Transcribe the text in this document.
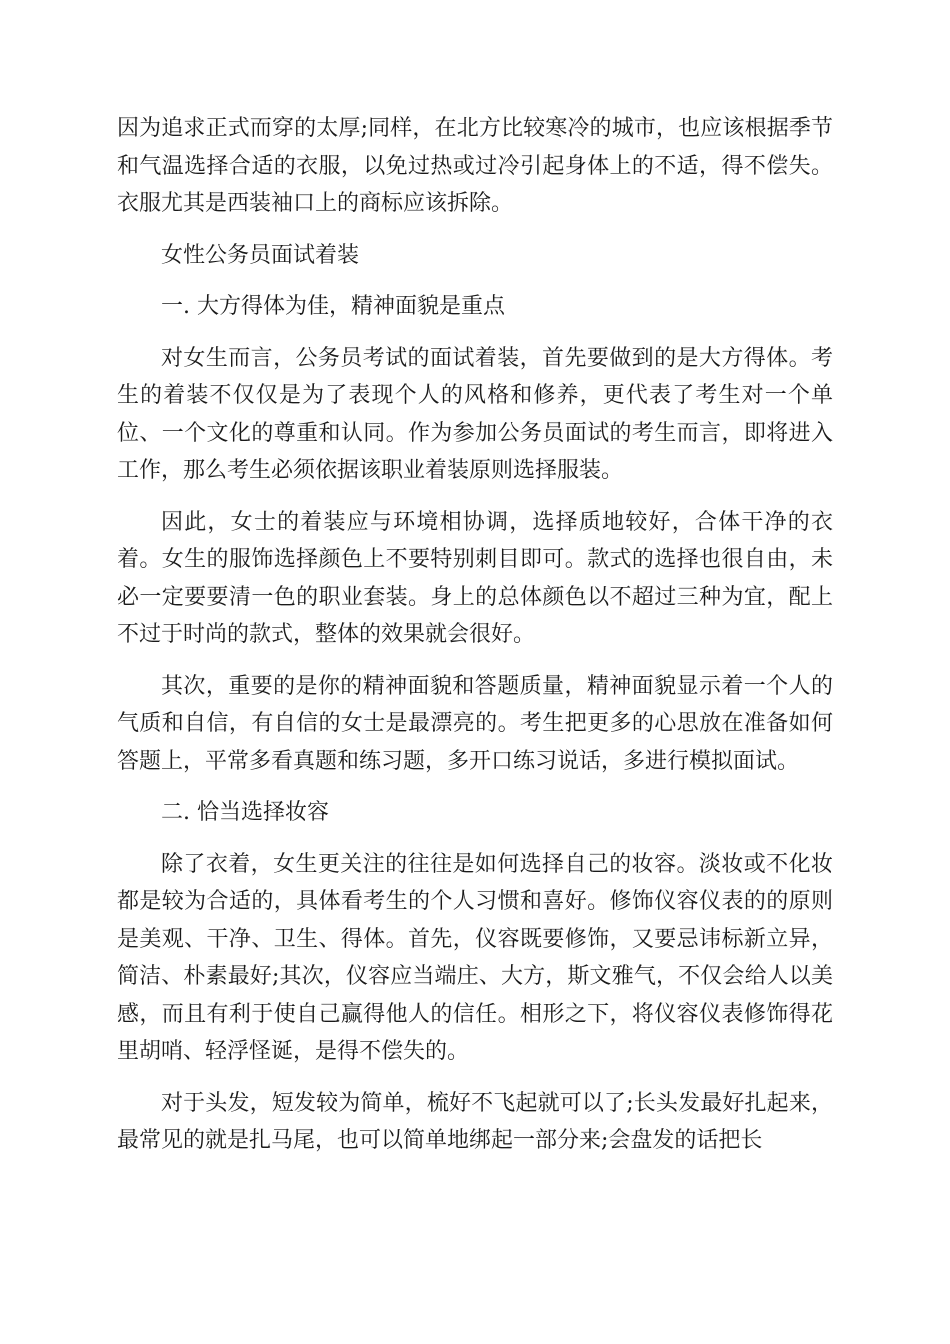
因为追求正式而穿的太厚;同样，在北方比较寒冷的城市，也应该根据季节和气温选择合适的衣服，以免过热或过冷引起身体上的不适，得不偿失。衣服尤其是西装袖口上的商标应该拆除。

女性公务员面试着装

一. 大方得体为佳，精神面貌是重点

对女生而言，公务员考试的面试着装，首先要做到的是大方得体。考生的着装不仅仅是为了表现个人的风格和修养，更代表了考生对一个单位、一个文化的尊重和认同。作为参加公务员面试的考生而言，即将进入工作，那么考生必须依据该职业着装原则选择服装。

因此，女士的着装应与环境相协调，选择质地较好，合体干净的衣着。女生的服饰选择颜色上不要特别刺目即可。款式的选择也很自由，未必一定要要清一色的职业套装。身上的总体颜色以不超过三种为宜，配上不过于时尚的款式，整体的效果就会很好。

其次，重要的是你的精神面貌和答题质量，精神面貌显示着一个人的气质和自信，有自信的女士是最漂亮的。考生把更多的心思放在准备如何答题上，平常多看真题和练习题，多开口练习说话，多进行模拟面试。

二. 恰当选择妆容

除了衣着，女生更关注的往往是如何选择自己的妆容。淡妆或不化妆都是较为合适的，具体看考生的个人习惯和喜好。修饰仪容仪表的的原则是美观、干净、卫生、得体。首先，仪容既要修饰，又要忌讳标新立异，简洁、朴素最好;其次，仪容应当端庄、大方，斯文雅气，不仅会给人以美感，而且有利于使自己赢得他人的信任。相形之下，将仪容仪表修饰得花里胡哨、轻浮怪诞，是得不偿失的。

对于头发，短发较为简单，梳好不飞起就可以了;长头发最好扎起来，最常见的就是扎马尾，也可以简单地绑起一部分来;会盘发的话把长
